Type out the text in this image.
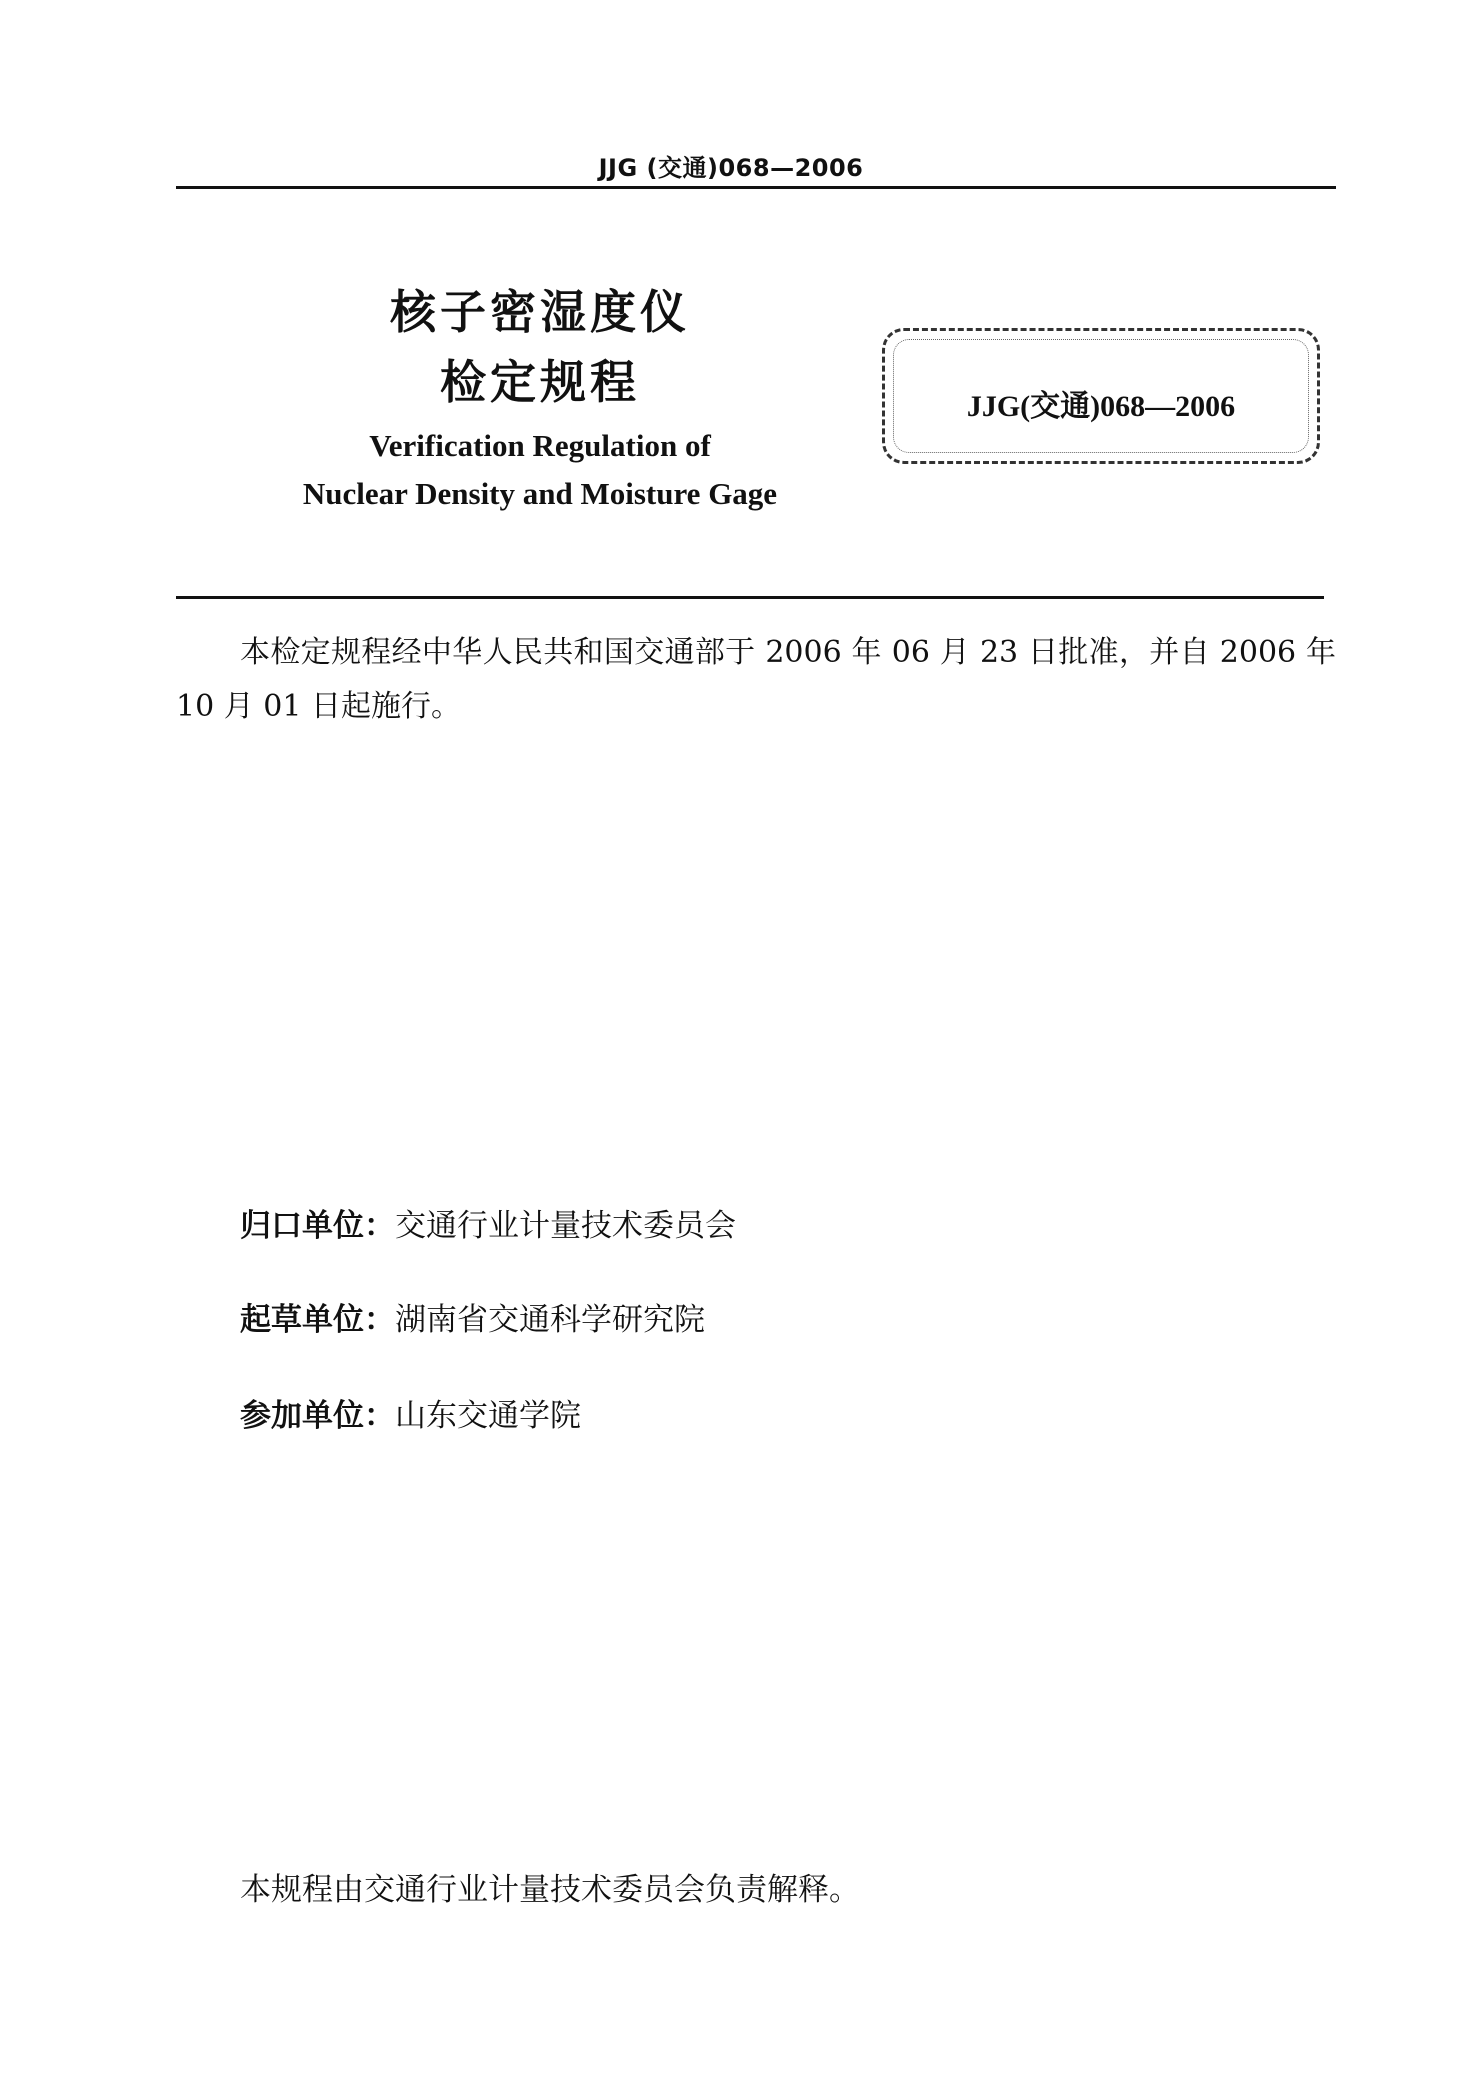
JJG (交通)068—2006
核子密湿度仪
检定规程
Verification Regulation of
Nuclear Density and Moisture Gage
JJG(交通)068—2006
本检定规程经中华人民共和国交通部于 2006 年 06 月 23 日批准，并自 2006 年 10 月 01 日起施行。
归口单位：交通行业计量技术委员会
起草单位：湖南省交通科学研究院
参加单位：山东交通学院
本规程由交通行业计量技术委员会负责解释。
